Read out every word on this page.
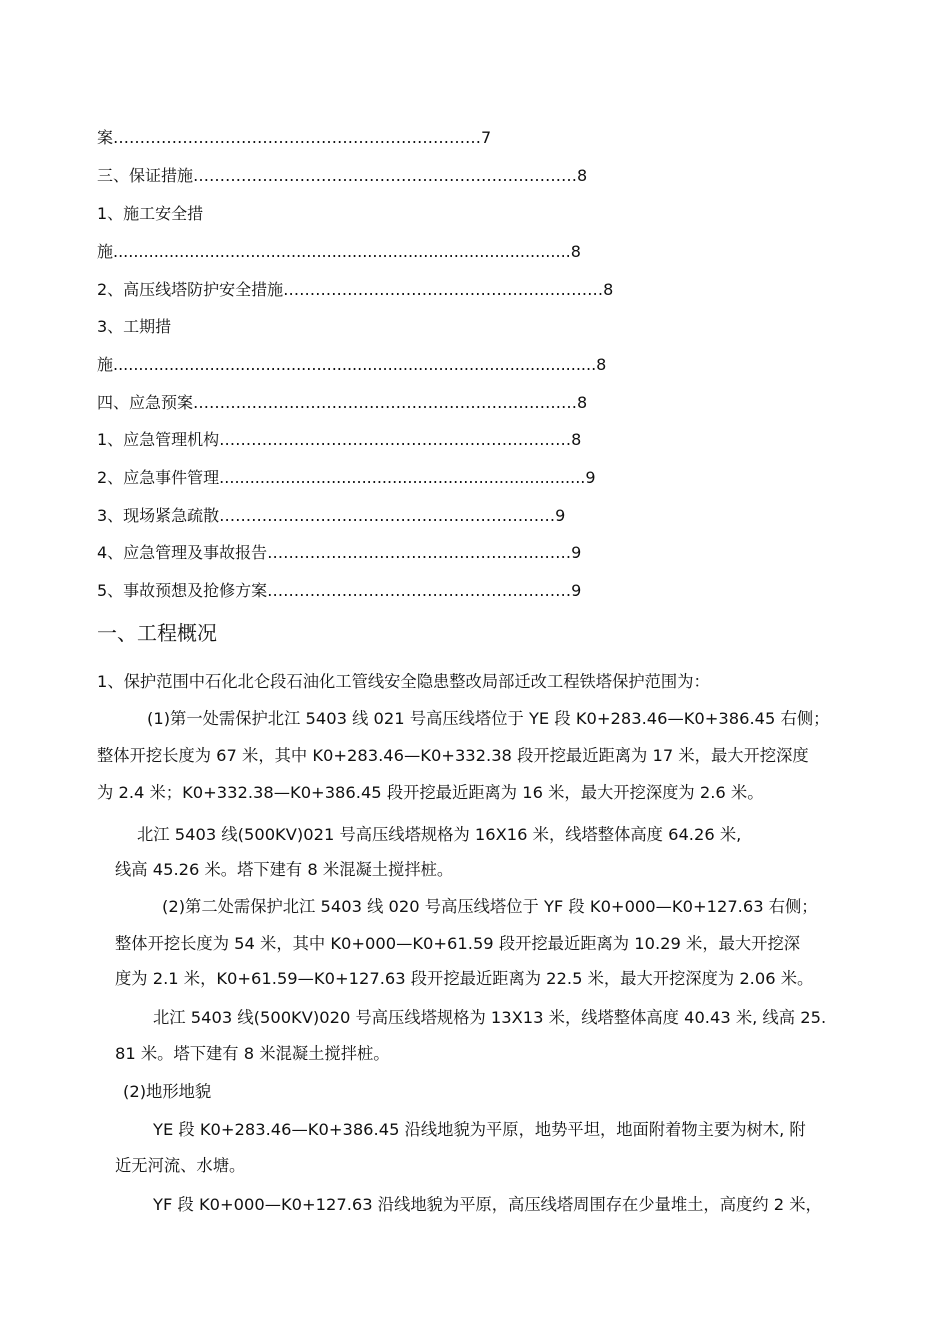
案……………………………………………………………7
三、保证措施………………………………………………………………8
1、施工安全措
施..........................................................................................8
2、高压线塔防护安全措施……………………………………………………8
3、工期措
施...............................................................................................8
四、应急预案………………………………………………………………8
1、应急管理机构…………………………………………………………8
2、应急事件管理........................................................................9
3、现场紧急疏散………………………………………………………9
4、应急管理及事故报告…………………………………………………9
5、事故预想及抢修方案…………………………………………………9
一、工程概况
1、保护范围中石化北仑段石油化工管线安全隐患整改局部迁改工程铁塔保护范围为：
(1)第一处需保护北江 5403 线 021 号高压线塔位于 YE 段 K0+283.46—K0+386.45 右侧；
整体开挖长度为 67 米，其中 K0+283.46—K0+332.38 段开挖最近距离为 17 米，最大开挖深度
为 2.4 米；K0+332.38—K0+386.45 段开挖最近距离为 16 米，最大开挖深度为 2.6 米。
北江 5403 线(500KV)021 号高压线塔规格为 16X16 米，线塔整体高度 64.26 米,
线高 45.26 米。塔下建有 8 米混凝土搅拌桩。
(2)第二处需保护北江 5403 线 020 号高压线塔位于 YF 段 K0+000—K0+127.63 右侧；
整体开挖长度为 54 米，其中 K0+000—K0+61.59 段开挖最近距离为 10.29 米，最大开挖深
度为 2.1 米，K0+61.59—K0+127.63 段开挖最近距离为 22.5 米，最大开挖深度为 2.06 米。
北江 5403 线(500KV)020 号高压线塔规格为 13X13 米，线塔整体高度 40.43 米, 线高 25.
81 米。塔下建有 8 米混凝土搅拌桩。
(2)地形地貌
YE 段 K0+283.46—K0+386.45 沿线地貌为平原，地势平坦，地面附着物主要为树木, 附
近无河流、水塘。
YF 段 K0+000—K0+127.63 沿线地貌为平原，高压线塔周围存在少量堆土，高度约 2 米，
